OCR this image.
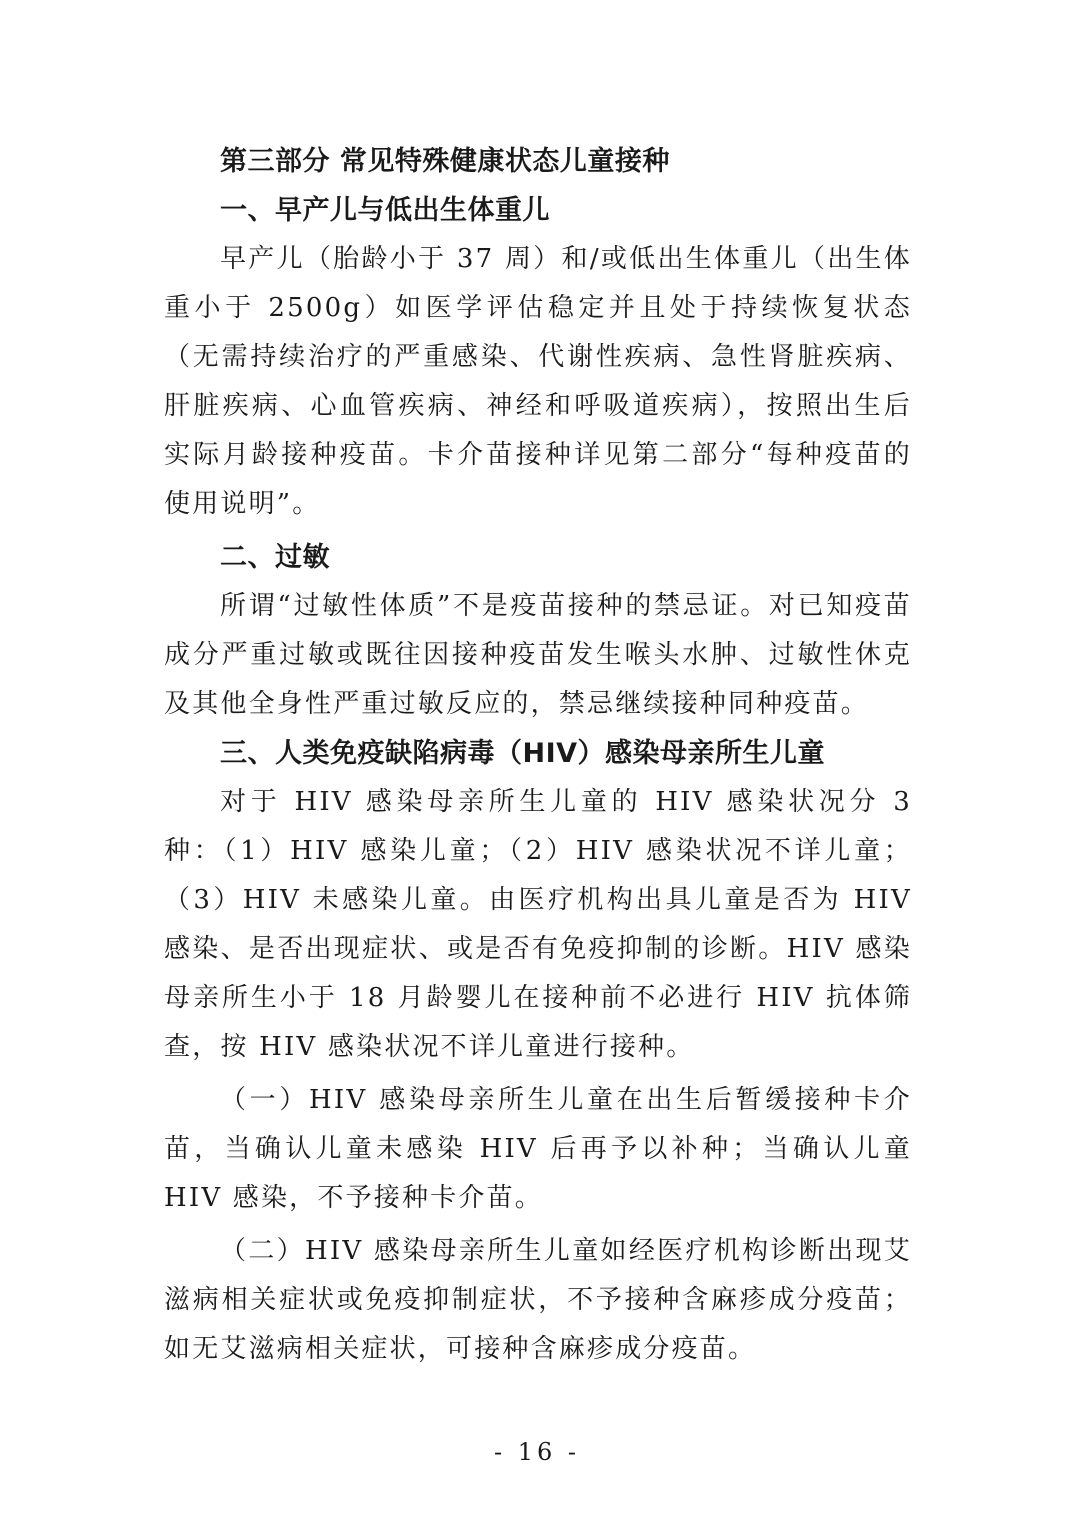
第三部分 常见特殊健康状态儿童接种
一、早产儿与低出生体重儿

早产儿（胎龄小于 37 周）和/或低出生体重儿（出生体重小于 2500g）如医学评估稳定并且处于持续恢复状态（无需持续治疗的严重感染、代谢性疾病、急性肾脏疾病、肝脏疾病、心血管疾病、神经和呼吸道疾病），按照出生后实际月龄接种疫苗。卡介苗接种详见第二部分“每种疫苗的使用说明”。

二、过敏

所谓“过敏性体质”不是疫苗接种的禁忌证。对已知疫苗成分严重过敏或既往因接种疫苗发生喉头水肿、过敏性休克及其他全身性严重过敏反应的，禁忌继续接种同种疫苗。

三、人类免疫缺陷病毒（HIV）感染母亲所生儿童

对于 HIV 感染母亲所生儿童的 HIV 感染状况分 3 种：（1）HIV 感染儿童；（2）HIV 感染状况不详儿童；（3）HIV 未感染儿童。由医疗机构出具儿童是否为 HIV 感染、是否出现症状、或是否有免疫抑制的诊断。HIV 感染母亲所生小于 18 月龄婴儿在接种前不必进行 HIV 抗体筛查，按 HIV 感染状况不详儿童进行接种。

（一）HIV 感染母亲所生儿童在出生后暂缓接种卡介苗，当确认儿童未感染 HIV 后再予以补种；当确认儿童 HIV 感染，不予接种卡介苗。

（二）HIV 感染母亲所生儿童如经医疗机构诊断出现艾滋病相关症状或免疫抑制症状，不予接种含麻疹成分疫苗；如无艾滋病相关症状，可接种含麻疹成分疫苗。

- 16 -
